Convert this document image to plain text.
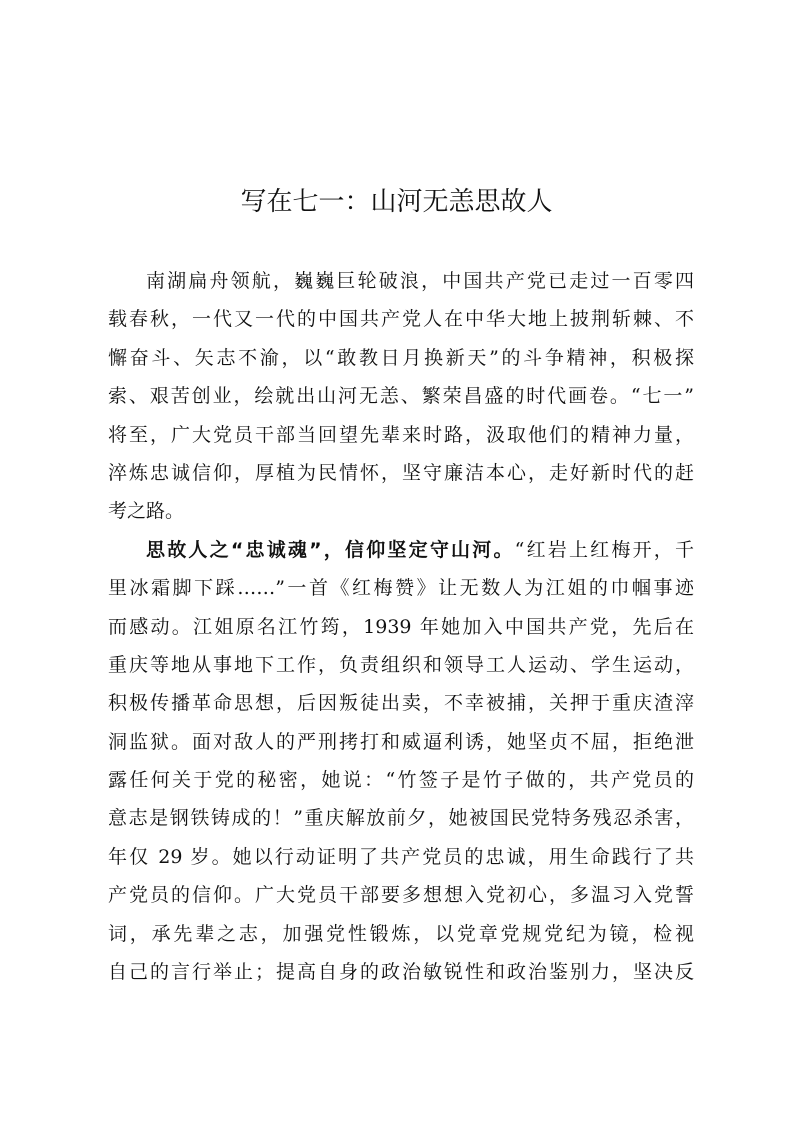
写在七一：山河无恙思故人
南湖扁舟领航，巍巍巨轮破浪，中国共产党已走过一百零四
载春秋，一代又一代的中国共产党人在中华大地上披荆斩棘、不
懈奋斗、矢志不渝，以“敢教日月换新天”的斗争精神，积极探
索、艰苦创业，绘就出山河无恙、繁荣昌盛的时代画卷。“七一”
将至，广大党员干部当回望先辈来时路，汲取他们的精神力量，
淬炼忠诚信仰，厚植为民情怀，坚守廉洁本心，走好新时代的赶
考之路。
思故人之“忠诚魂”，信仰坚定守山河。“红岩上红梅开，千
里冰霜脚下踩……”一首《红梅赞》让无数人为江姐的巾帼事迹
而感动。江姐原名江竹筠，1939 年她加入中国共产党，先后在
重庆等地从事地下工作，负责组织和领导工人运动、学生运动，
积极传播革命思想，后因叛徒出卖，不幸被捕，关押于重庆渣滓
洞监狱。面对敌人的严刑拷打和威逼利诱，她坚贞不屈，拒绝泄
露任何关于党的秘密，她说：“竹签子是竹子做的，共产党员的
意志是钢铁铸成的！”重庆解放前夕，她被国民党特务残忍杀害，
年仅 29 岁。她以行动证明了共产党员的忠诚，用生命践行了共
产党员的信仰。广大党员干部要多想想入党初心，多温习入党誓
词，承先辈之志，加强党性锻炼，以党章党规党纪为镜，检视
自己的言行举止；提高自身的政治敏锐性和政治鉴别力，坚决反
